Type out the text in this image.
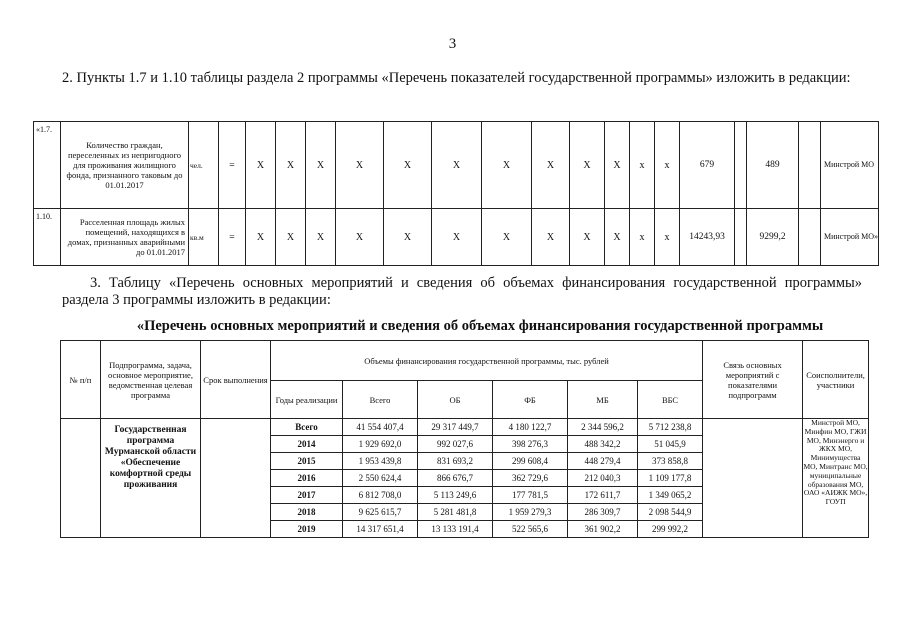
3
2. Пункты 1.7 и 1.10 таблицы раздела 2 программы «Перечень показателей государственной программы» изложить в редакции:
«1.7.	Количество граждан, переселенных из непригодного для проживания жилищного фонда, признанного таковым до 01.01.2017	чел.	=	Х	Х	Х	Х	Х	Х	Х	Х	Х	Х	х	х	679		489		Минстрой МО
1.10.	Расселенная площадь жилых помещений, находящихся в домах, признанных аварийными до 01.01.2017	кв.м	=	Х	Х	Х	Х	Х	Х	Х	Х	Х	Х	х	х	14243,93		9299,2		Минстрой МО»
3. Таблицу «Перечень основных мероприятий и сведения об объемах финансирования государственной программы» раздела 3 программы изложить в редакции:
«Перечень основных мероприятий и сведения об объемах финансирования государственной программы
№ п/п	Подпрограмма, задача, основное мероприятие, ведомственная целевая программа	Срок выполнения	Объемы финансирования государственной программы, тыс. рублей						Связь основных мероприятий с показателями подпрограмм	Соисполнители, участники
			Годы реализации	Всего	ОБ	ФБ	МБ	ВБС		
	Государственная программа Мурманской области «Обеспечение комфортной среды проживания		Всего	41 554 407,4	29 317 449,7	4 180 122,7	2 344 596,2	5 712 238,8		Минстрой МО, Минфин МО, ГЖИ МО, Минэнерго и ЖКХ МО, Минимущества МО, Минтранс МО, муниципальные образования МО, ОАО «АИЖК МО», ГОУП
			2014	1 929 692,0	992 027,6	398 276,3	488 342,2	51 045,9		
			2015	1 953 439,8	831 693,2	299 608,4	448 279,4	373 858,8		
			2016	2 550 624,4	866 676,7	362 729,6	212 040,3	1 109 177,8		
			2017	6 812 708,0	5 113 249,6	177 781,5	172 611,7	1 349 065,2		
			2018	9 625 615,7	5 281 481,8	1 959 279,3	286 309,7	2 098 544,9		
			2019	14 317 651,4	13 133 191,4	522 565,6	361 902,2	299 992,2		
